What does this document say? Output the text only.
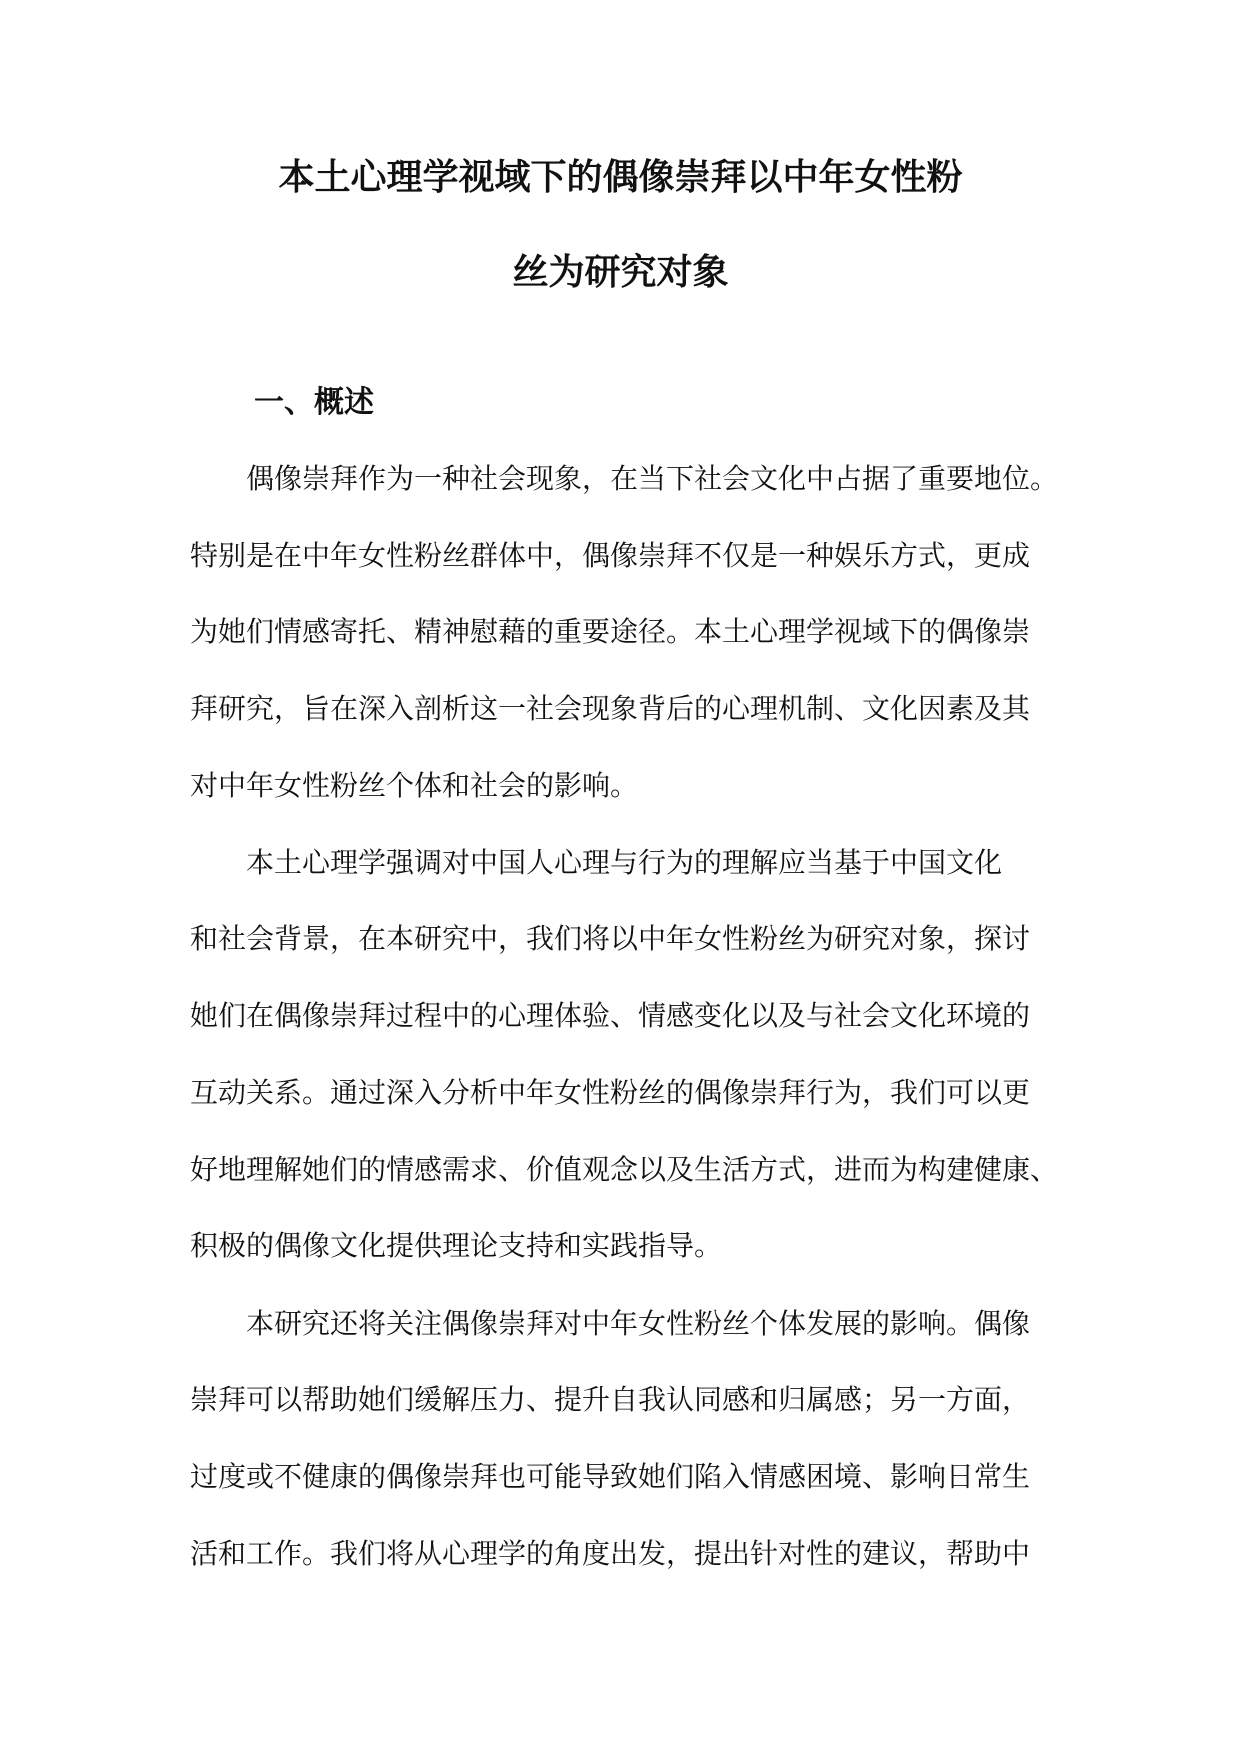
本土心理学视域下的偶像崇拜以中年女性粉
丝为研究对象
一、概述
偶像崇拜作为一种社会现象，在当下社会文化中占据了重要地位。
特别是在中年女性粉丝群体中，偶像崇拜不仅是一种娱乐方式，更成
为她们情感寄托、精神慰藉的重要途径。本土心理学视域下的偶像崇
拜研究，旨在深入剖析这一社会现象背后的心理机制、文化因素及其
对中年女性粉丝个体和社会的影响。
本土心理学强调对中国人心理与行为的理解应当基于中国文化
和社会背景，在本研究中，我们将以中年女性粉丝为研究对象，探讨
她们在偶像崇拜过程中的心理体验、情感变化以及与社会文化环境的
互动关系。通过深入分析中年女性粉丝的偶像崇拜行为，我们可以更
好地理解她们的情感需求、价值观念以及生活方式，进而为构建健康、
积极的偶像文化提供理论支持和实践指导。
本研究还将关注偶像崇拜对中年女性粉丝个体发展的影响。偶像
崇拜可以帮助她们缓解压力、提升自我认同感和归属感；另一方面，
过度或不健康的偶像崇拜也可能导致她们陷入情感困境、影响日常生
活和工作。我们将从心理学的角度出发，提出针对性的建议，帮助中
